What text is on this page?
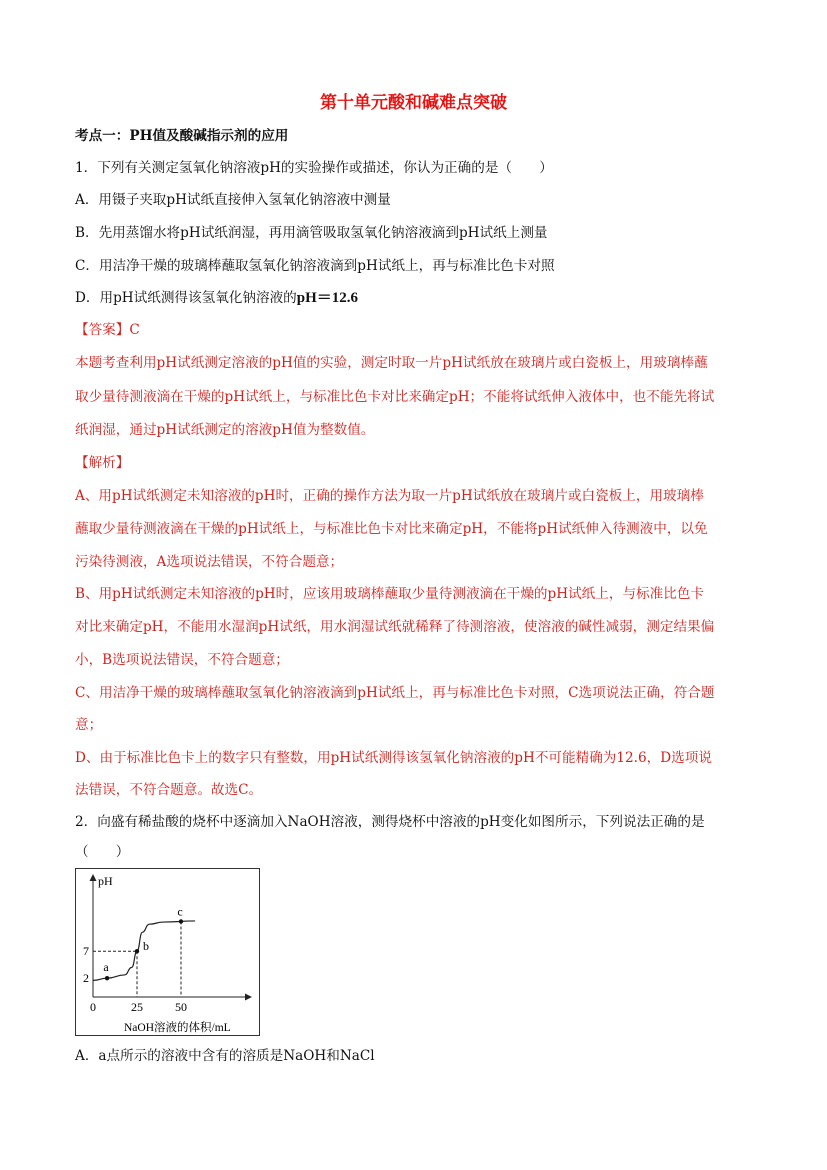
第十单元酸和碱难点突破
考点一：PH值及酸碱指示剂的应用
1．下列有关测定氢氧化钠溶液pH的实验操作或描述，你认为正确的是（　　）
A．用镊子夹取pH试纸直接伸入氢氧化钠溶液中测量
B．先用蒸馏水将pH试纸润湿，再用滴管吸取氢氧化钠溶液滴到pH试纸上测量
C．用洁净干燥的玻璃棒蘸取氢氧化钠溶液滴到pH试纸上，再与标准比色卡对照
D．用pH试纸测得该氢氧化钠溶液的pH＝12.6
【答案】C
本题考查利用pH试纸测定溶液的pH值的实验，测定时取一片pH试纸放在玻璃片或白瓷板上，用玻璃棒蘸
取少量待测液滴在干燥的pH试纸上，与标准比色卡对比来确定pH；不能将试纸伸入液体中，也不能先将试
纸润湿，通过pH试纸测定的溶液pH值为整数值。
【解析】
A、用pH试纸测定未知溶液的pH时，正确的操作方法为取一片pH试纸放在玻璃片或白瓷板上，用玻璃棒
蘸取少量待测液滴在干燥的pH试纸上，与标准比色卡对比来确定pH，不能将pH试纸伸入待测液中，以免
污染待测液，A选项说法错误，不符合题意；
B、用pH试纸测定未知溶液的pH时，应该用玻璃棒蘸取少量待测液滴在干燥的pH试纸上，与标准比色卡
对比来确定pH，不能用水湿润pH试纸，用水润湿试纸就稀释了待测溶液，使溶液的碱性减弱，测定结果偏
小，B选项说法错误，不符合题意；
C、用洁净干燥的玻璃棒蘸取氢氧化钠溶液滴到pH试纸上，再与标准比色卡对照，C选项说法正确，符合题
意；
D、由于标准比色卡上的数字只有整数，用pH试纸测得该氢氧化钠溶液的pH不可能精确为12.6，D选项说
法错误，不符合题意。故选C。
2．向盛有稀盐酸的烧杯中逐滴加入NaOH溶液，测得烧杯中溶液的pH变化如图所示，下列说法正确的是
（　　）
pH
NaOH溶液的体积/mL
0	25	50
2
7
a
b
c
A．a点所示的溶液中含有的溶质是NaOH和NaCl
